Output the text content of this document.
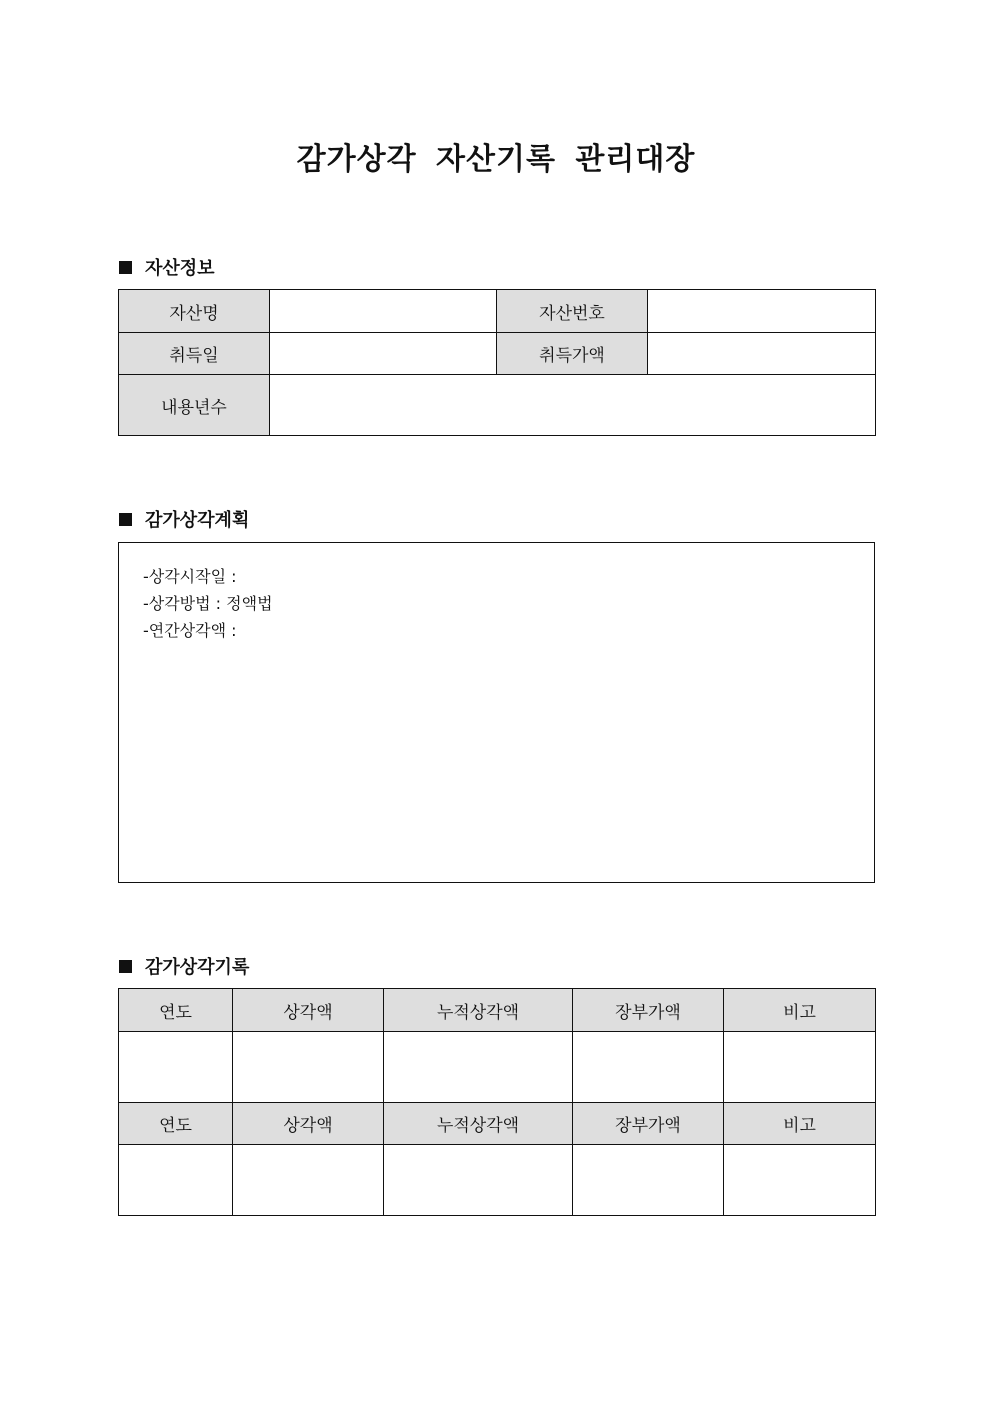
감가상각 자산기록 관리대장
자산정보
자산명		자산번호	
취득일		취득가액	
내용년수			
감가상각계획
-상각시작일 :
-상각방법 : 정액법
-연간상각액 :
감가상각기록
연도	상각액	누적상각액	장부가액	비고

연도	상각액	누적상각액	장부가액	비고
